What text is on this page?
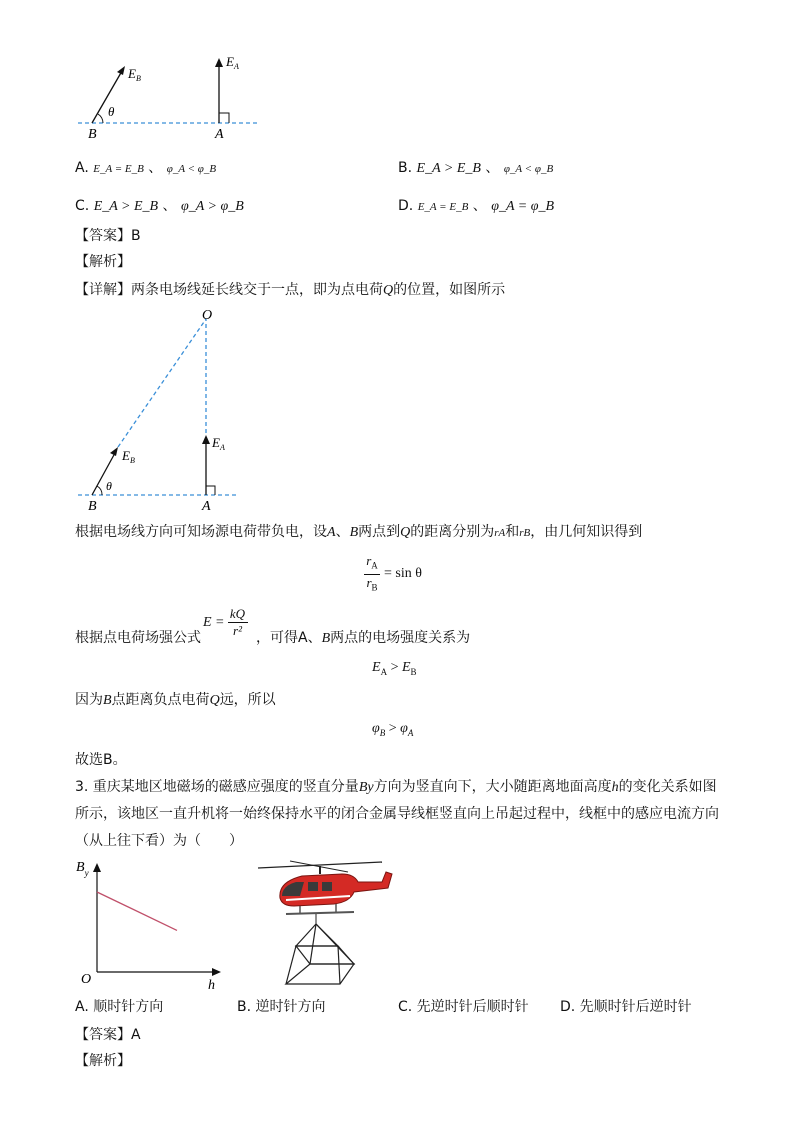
$E_B$
$E_A$
θ
B	A
A. E_A = E_B 、 φ_A < φ_B	B. E_A > E_B 、 φ_A < φ_B
C. E_A > E_B 、 φ_A > φ_B	D. E_A = E_B 、 φ_A = φ_B
【答案】B
【解析】
【详解】两条电场线延长线交于一点，即为点电荷Q的位置，如图所示
O
$E_B$
$E_A$
θ
B	A
根据电场线方向可知场源电荷带负电，设A、B两点到Q的距离分别为rA和rB，由几何知识得到
$r_A$
$r_B$
= sin θ
根据点电荷场强公式
E =
kQ
r² ，可得A、B两点的电场强度关系为
$E_A > E_B$
因为B点距离负点电荷Q远，所以
$\varphi_B > \varphi_A$
故选B。
3. 重庆某地区地磁场的磁感应强度的竖直分量By方向为竖直向下，大小随距离地面高度h的变化关系如图
所示，该地区一直升机将一始终保持水平的闭合金属导线框竖直向上吊起过程中，线框中的感应电流方向
（从上往下看）为（　　）
$B_y$
O	h
A. 顺时针方向	B. 逆时针方向	C. 先逆时针后顺时针 D. 先顺时针后逆时针
【答案】A
【解析】
